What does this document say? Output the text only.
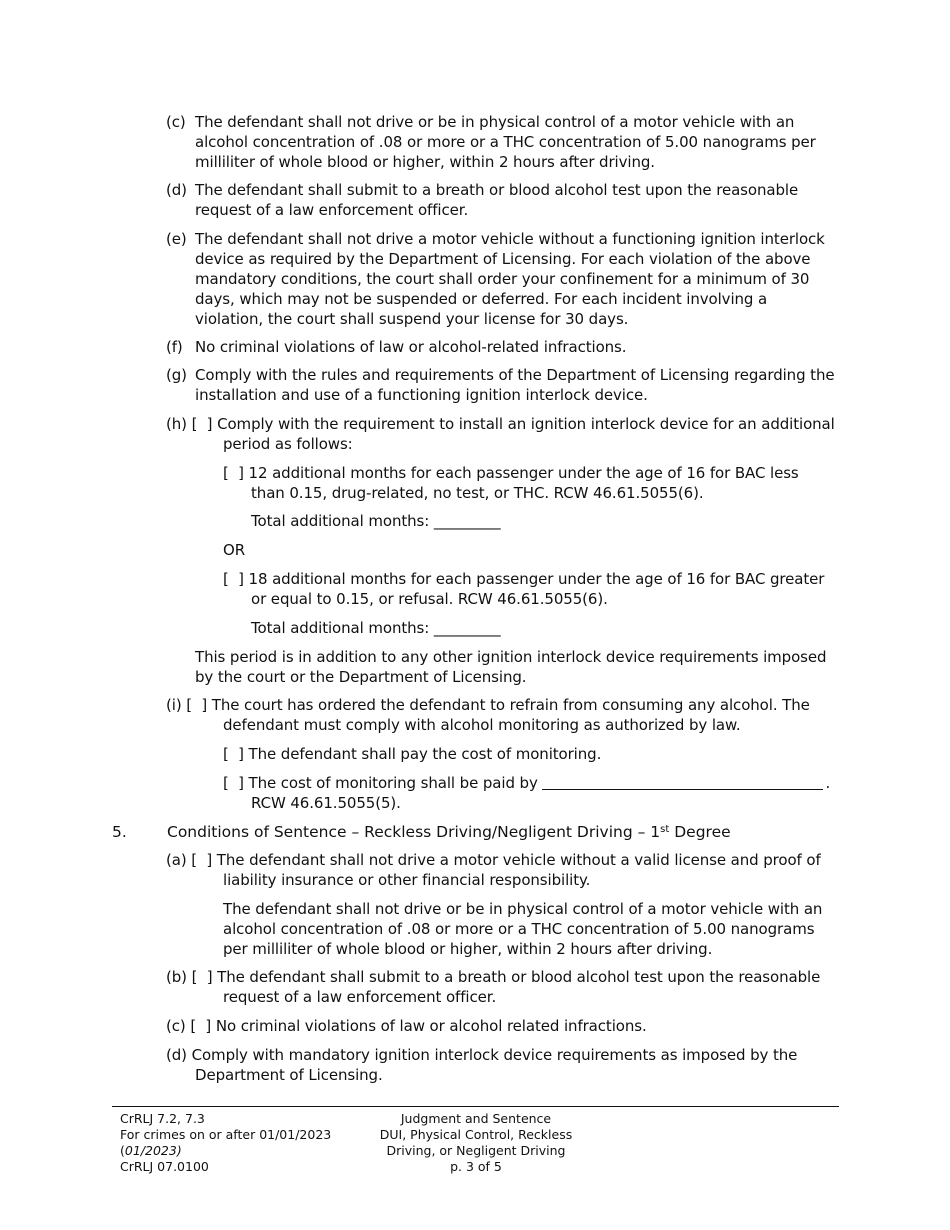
(c) The defendant shall not drive or be in physical control of a motor vehicle with an alcohol concentration of .08 or more or a THC concentration of 5.00 nanograms per milliliter of whole blood or higher, within 2 hours after driving.
(d) The defendant shall submit to a breath or blood alcohol test upon the reasonable request of a law enforcement officer.
(e) The defendant shall not drive a motor vehicle without a functioning ignition interlock device as required by the Department of Licensing. For each violation of the above mandatory conditions, the court shall order your confinement for a minimum of 30 days, which may not be suspended or deferred. For each incident involving a violation, the court shall suspend your license for 30 days.
(f) No criminal violations of law or alcohol-related infractions.
(g) Comply with the rules and requirements of the Department of Licensing regarding the installation and use of a functioning ignition interlock device.
(h) [  ] Comply with the requirement to install an ignition interlock device for an additional
period as follows:
[  ] 12 additional months for each passenger under the age of 16 for BAC less
than 0.15, drug-related, no test, or THC. RCW 46.61.5055(6).
Total additional months: _________
OR
[  ] 18 additional months for each passenger under the age of 16 for BAC greater
or equal to 0.15, or refusal. RCW 46.61.5055(6).
Total additional months: _________
This period is in addition to any other ignition interlock device requirements imposed by the court or the Department of Licensing.
(i) [  ] The court has ordered the defendant to refrain from consuming any alcohol. The
defendant must comply with alcohol monitoring as authorized by law.
[  ] The defendant shall pay the cost of monitoring.
[  ] The cost of monitoring shall be paid by	.
RCW 46.61.5055(5).
5.	Conditions of Sentence – Reckless Driving/Negligent Driving – 1st Degree
(a) [  ] The defendant shall not drive a motor vehicle without a valid license and proof of
liability insurance or other financial responsibility.
The defendant shall not drive or be in physical control of a motor vehicle with an alcohol concentration of .08 or more or a THC concentration of 5.00 nanograms per milliliter of whole blood or higher, within 2 hours after driving.
(b) [  ] The defendant shall submit to a breath or blood alcohol test upon the reasonable
request of a law enforcement officer.
(c) [  ] No criminal violations of law or alcohol related infractions.
(d) Comply with mandatory ignition interlock device requirements as imposed by the
Department of Licensing.
CrRLJ 7.2, 7.3
For crimes on or after 01/01/2023
(01/2023)
CrRLJ 07.0100
Judgment and Sentence
DUI, Physical Control, Reckless
Driving, or Negligent Driving
p. 3 of 5
